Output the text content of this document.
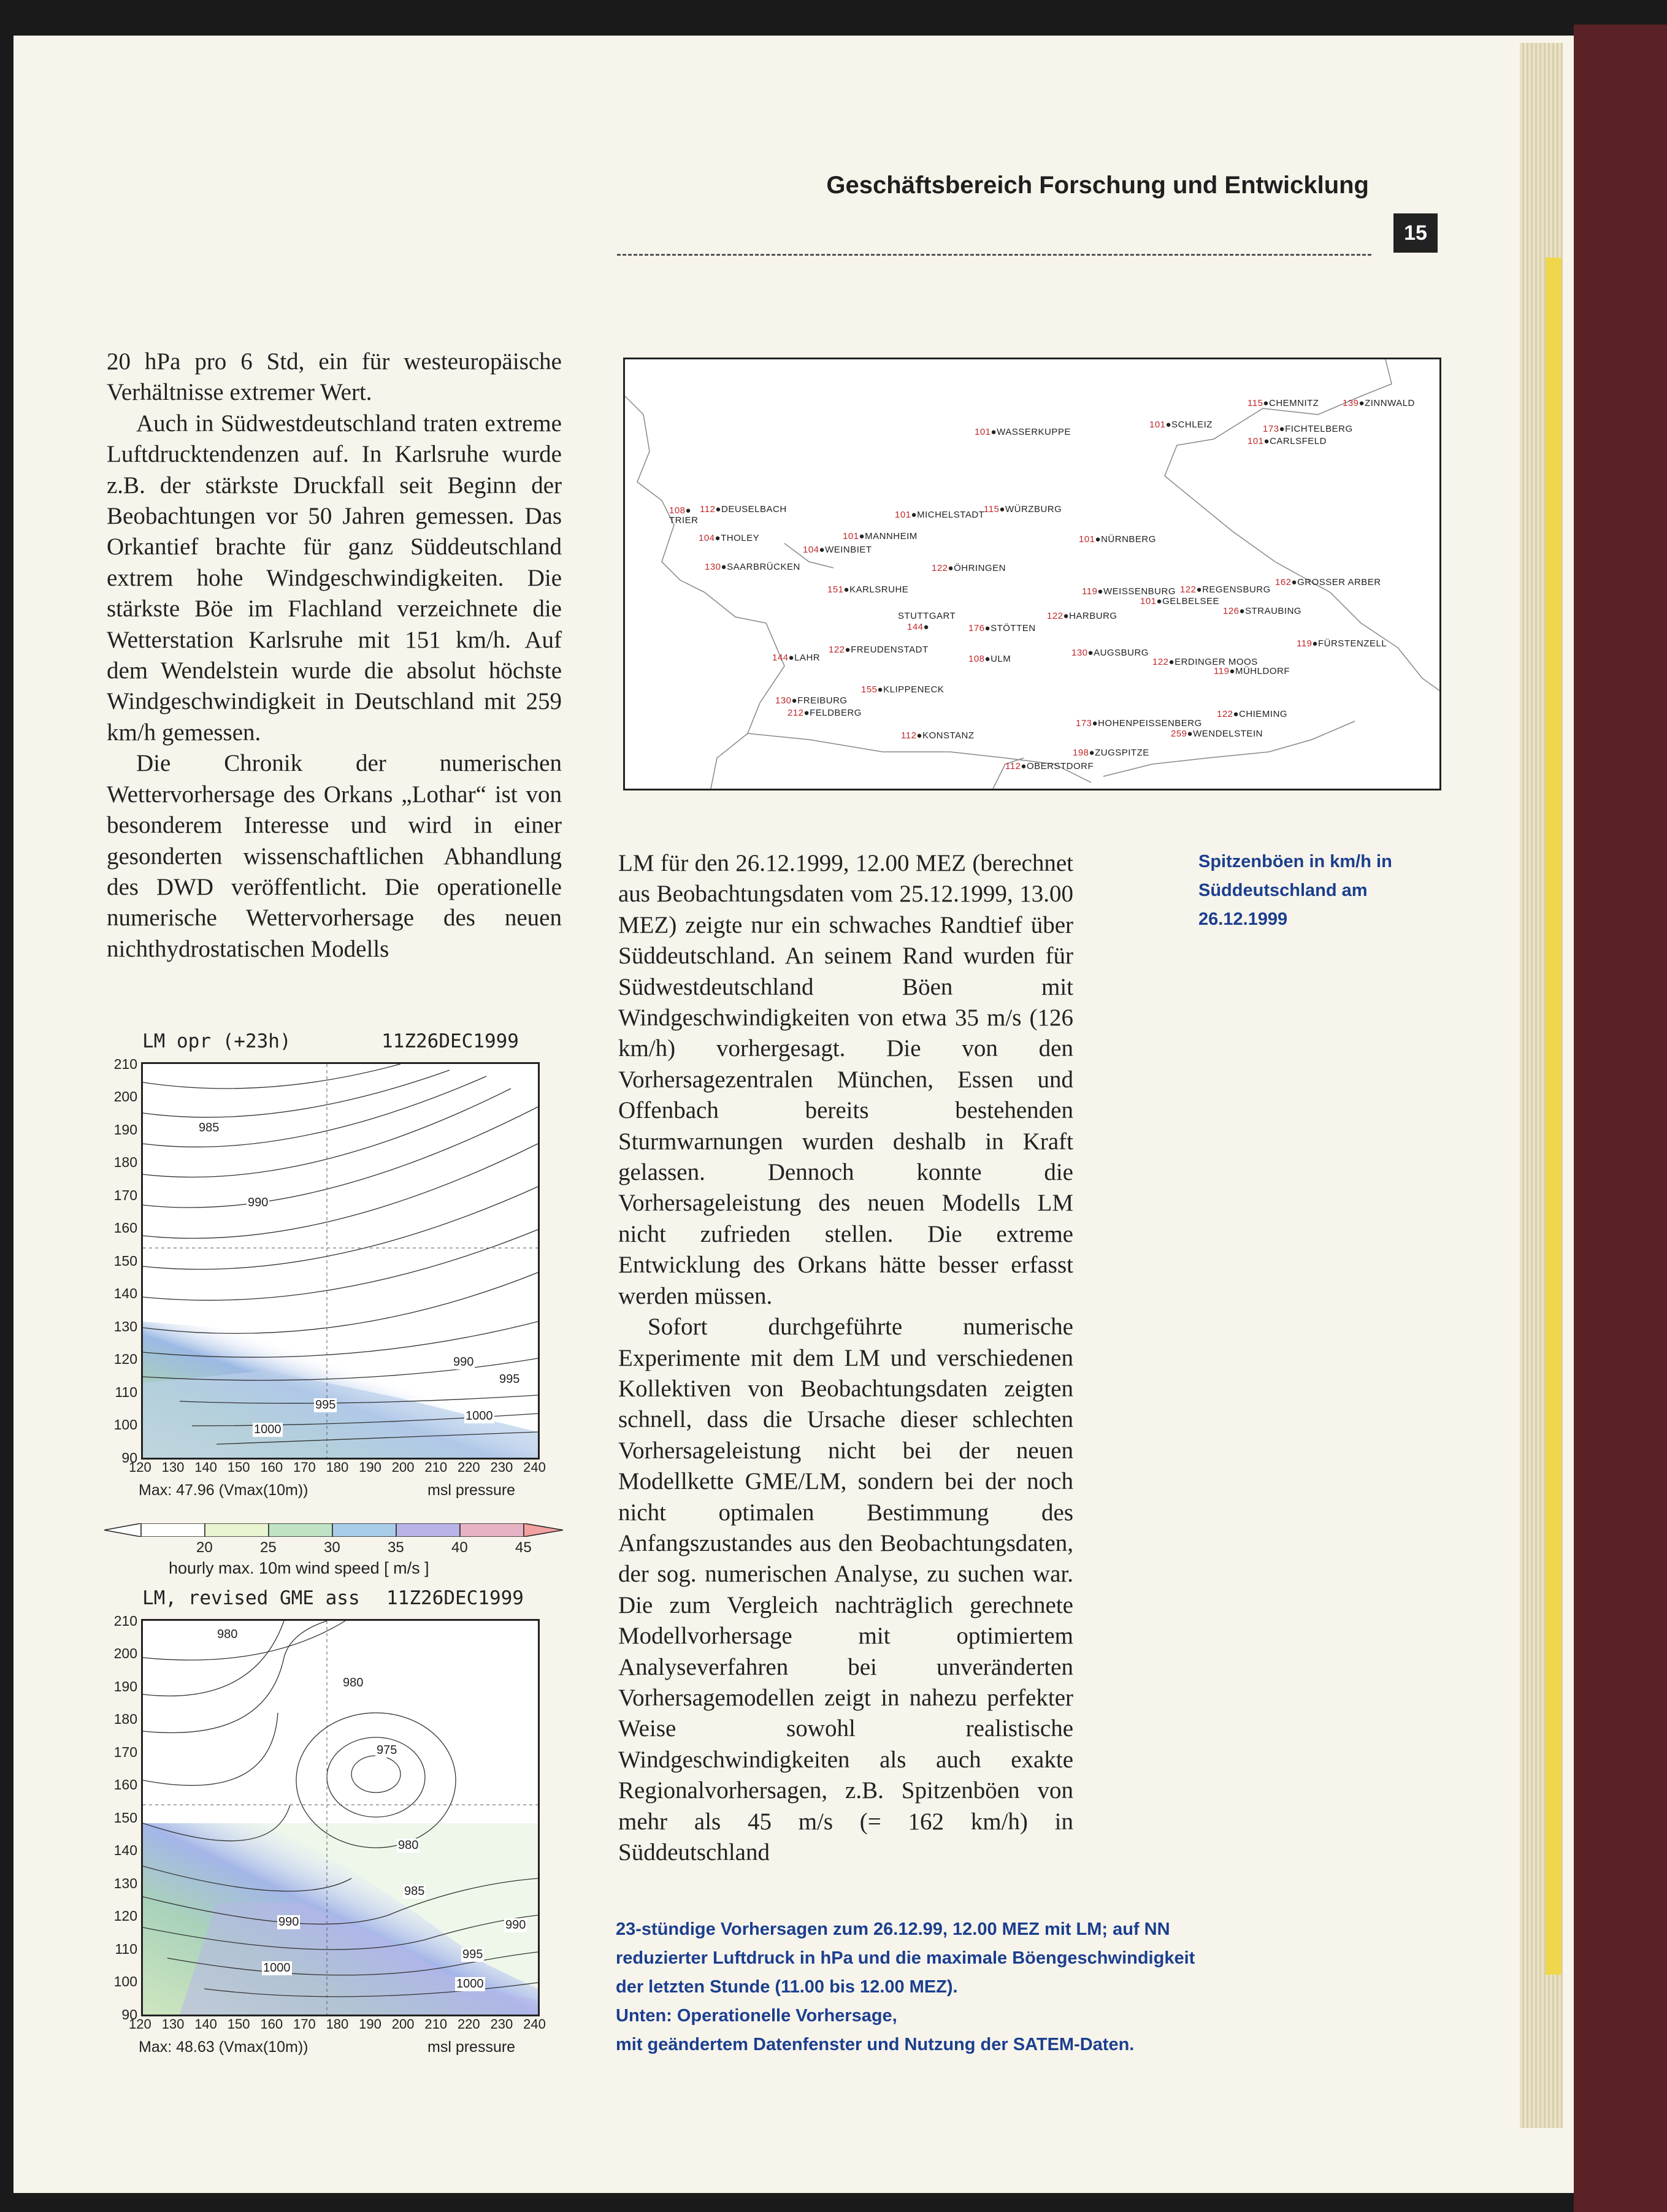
Geschäftsbereich Forschung und Entwicklung
15

20 hPa pro 6 Std, ein für westeuropäische Verhältnisse extremer Wert.

Auch in Südwestdeutschland traten extreme Luftdrucktendenzen auf. In Karlsruhe wurde z.B. der stärkste Druckfall seit Beginn der Beobachtungen vor 50 Jahren gemessen. Das Orkantief brachte für ganz Süddeutschland extrem hohe Windgeschwindigkeiten. Die stärkste Böe im Flachland verzeichnete die Wetterstation Karlsruhe mit 151 km/h. Auf dem Wendelstein wurde die absolut höchste Windgeschwindigkeit in Deutschland mit 259 km/h gemessen.

Die Chronik der numerischen Wettervorhersage des Orkans „Lothar“ ist von besonderem Interesse und wird in einer gesonderten wissenschaftlichen Abhandlung des DWD veröffentlicht. Die operationelle numerische Wettervorhersage des neuen nichthydrostatischen Modells

115●CHEMNITZ	139●ZINNWALD
101●WASSERKUPPE
101●SCHLEIZ	173●FICHTELBERG
101●CARLSFELD
108●
TRIER
112●DEUSELBACH
101●MICHELSTADT
115●WÜRZBURG
104●THOLEY	101●MANNHEIM
104●WEINBIET
101●NÜRNBERG
130●SAARBRÜCKEN	122●ÖHRINGEN
151●KARLSRUHE	119●WEISSENBURG 122●REGENSBURG
162●GROSSER ARBER
101●GELBELSEE
STUTTGART
144●	176●STÖTTEN
122●HARBURG	126●STRAUBING
119●FÜRSTENZELL
144●LAHR
122●FREUDENSTADT
108●ULM
130●AUGSBURG
122●ERDINGER MOOS
119●MÜHLDORF
155●KLIPPENECK
130●FREIBURG
212●FELDBERG	122●CHIEMING
173●HOHENPEISSENBERG
259●WENDELSTEIN
112●KONSTANZ
198●ZUGSPITZE
112●OBERSTDORF
Spitzenböen in km/h in Süddeutschland am 26.12.1999

LM für den 26.12.1999, 12.00 MEZ (berechnet aus Beobachtungsdaten vom 25.12.1999, 13.00 MEZ) zeigte nur ein schwaches Randtief über Süddeutschland. An seinem Rand wurden für Südwestdeutschland Böen mit Windgeschwindigkeiten von etwa 35 m/s (126 km/h) vorhergesagt. Die von den Vorhersagezentralen München, Essen und Offenbach bereits bestehenden Sturmwarnungen wurden deshalb in Kraft gelassen. Dennoch konnte die Vorhersageleistung des neuen Modells LM nicht zufrieden stellen. Die extreme Entwicklung des Orkans hätte besser erfasst werden müssen.

Sofort durchgeführte numerische Experimente mit dem LM und verschiedenen Kollektiven von Beobachtungsdaten zeigten schnell, dass die Ursache dieser schlechten Vorhersageleistung nicht bei der neuen Modellkette GME/LM, sondern bei der noch nicht optimalen Bestimmung des Anfangszustandes aus den Beobachtungsdaten, der sog. numerischen Analyse, zu suchen war. Die zum Vergleich nachträglich gerechnete Modellvorhersage mit optimiertem Analyseverfahren bei unveränderten Vorhersagemodellen zeigt in nahezu perfekter Weise sowohl realistische Windgeschwindigkeiten als auch exakte Regionalvorhersagen, z.B. Spitzenböen von mehr als 45 m/s (= 162 km/h) in Süddeutschland

23-stündige Vorhersagen zum 26.12.99, 12.00 MEZ mit LM; auf NN
reduzierter Luftdruck in hPa und die maximale Böengeschwindigkeit
der letzten Stunde (11.00 bis 12.00 MEZ).
Unten: Operationelle Vorhersage,
mit geändertem Datenfenster und Nutzung der SATEM-Daten.
LM opr (+23h)	11Z26DEC1999
985
990
990
995
995
1000
1000
210
200
190
180
170
160
150
140
130
120
110
100
90
120 130 140 150 160 170 180 190 200 210 220 230 240
Max: 47.96 (Vmax(10m))	msl pressure
20	25	30	35	40	45
hourly max. 10m wind speed [ m/s ]
LM, revised GME ass 11Z26DEC1999
980
980
975
980
985
990	990
995
1000
1000
210
200
190
180
170
160
150
140
130
120
110
100
90
120 130 140 150 160 170 180 190 200 210 220 230 240
Max: 48.63 (Vmax(10m))	msl pressure
